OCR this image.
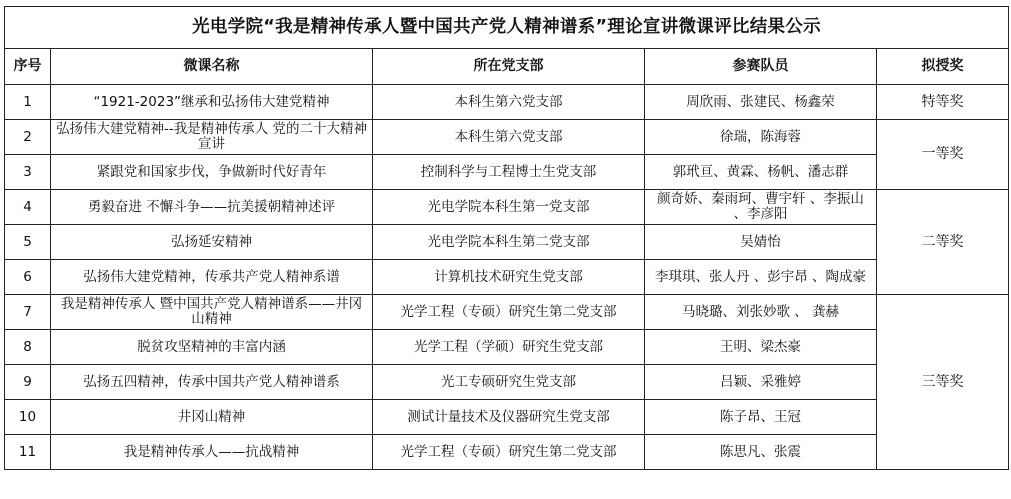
光电学院“我是精神传承人暨中国共产党人精神谱系”理论宣讲微课评比结果公示				
序号	微课名称	所在党支部	参赛队员	拟授奖
1	“1921-2023”继承和弘扬伟大建党精神	本科生第六党支部	周欣雨、张建民、杨鑫荣	特等奖
2	弘扬伟大建党精神--我是精神传承人 党的二十大精神宣讲	本科生第六党支部	徐瑞，陈海蓉	一等奖
3	紧跟党和国家步伐，争做新时代好青年	控制科学与工程博士生党支部	郭玳亘、黄霖、杨帆、潘志群	
4	勇毅奋进 不懈斗争——抗美援朝精神述评	光电学院本科生第一党支部	颜奇娇、秦雨珂、曹宇轩 、李振山 、李彦阳	二等奖
5	弘扬延安精神	光电学院本科生第二党支部	吴婧怡	
6	弘扬伟大建党精神，传承共产党人精神系谱	计算机技术研究生党支部	李琪琪、张人丹 、彭宇昂 、陶成豪	
7	我是精神传承人 暨中国共产党人精神谱系——井冈山精神	光学工程（专硕）研究生第二党支部	马晓璐、刘张妙歌 、 龚赫	三等奖
8	脱贫攻坚精神的丰富内涵	光学工程（学硕）研究生党支部	王明、梁杰豪	
9	弘扬五四精神，传承中国共产党人精神谱系	光工专硕研究生党支部	吕颖、采雅婷	
10	井冈山精神	测试计量技术及仪器研究生党支部	陈子昂、王冠	
11	我是精神传承人——抗战精神	光学工程（专硕）研究生第二党支部	陈思凡、张震	
